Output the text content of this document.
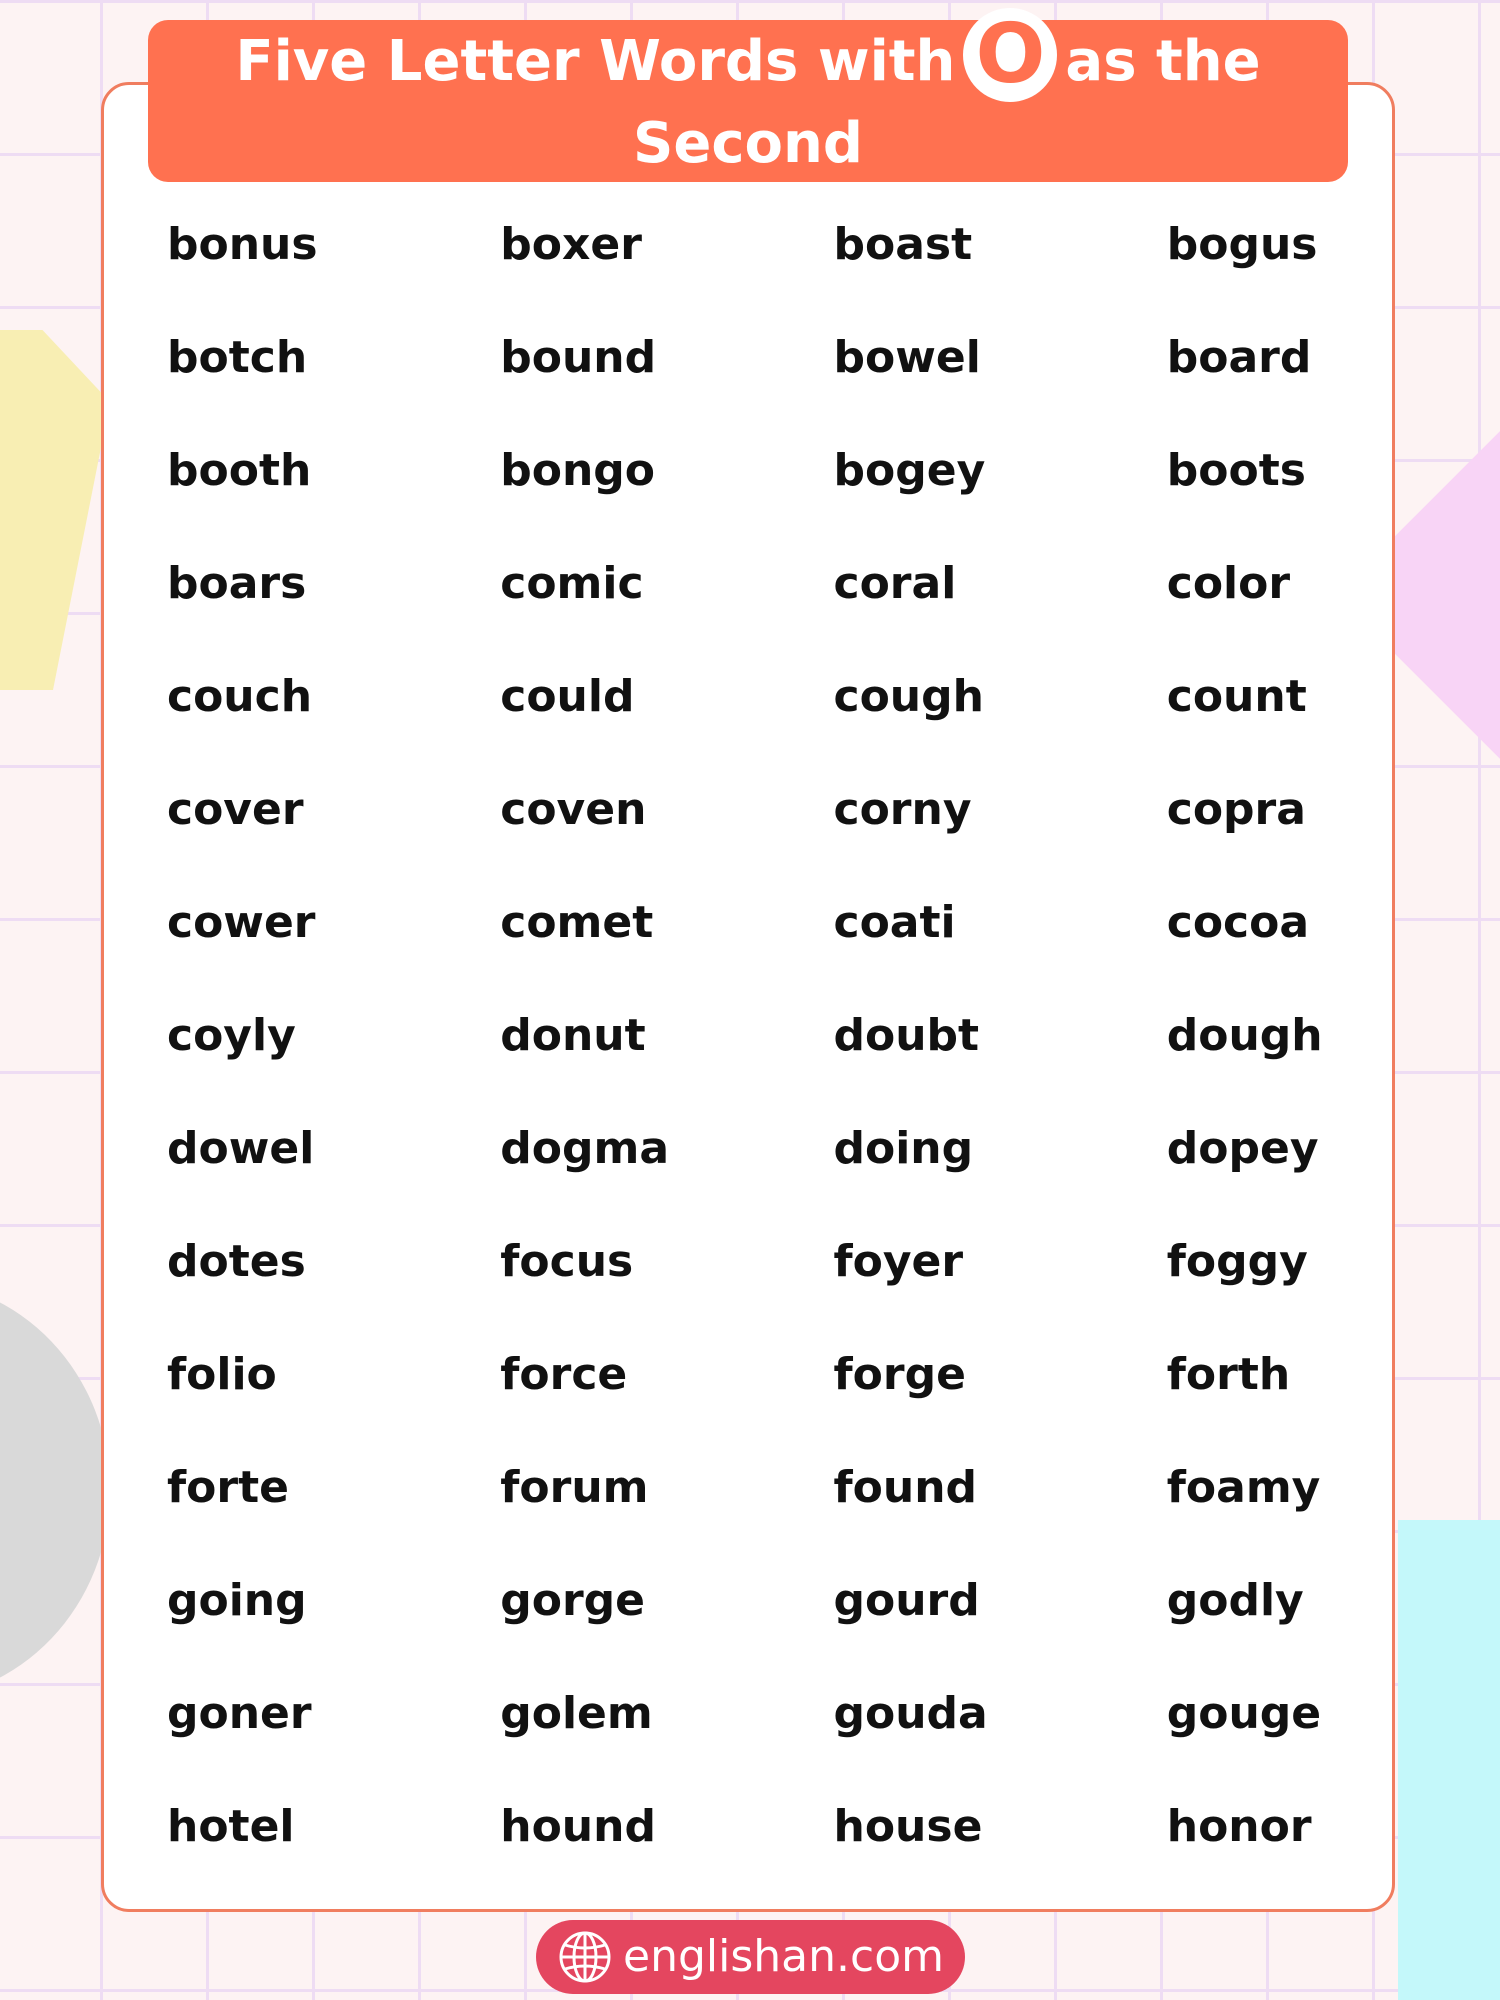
Five Letter Words with O as the Second
Letter
bonus	boxer	boast	bogus
botch	bound	bowel	board
booth	bongo	bogey	boots
boars	comic	coral	color
couch	could	cough	count
cover	coven	corny	copra
cower	comet	coati	cocoa
coyly	donut	doubt	dough
dowel	dogma	doing	dopey
dotes	focus	foyer	foggy
folio	force	forge	forth
forte	forum	found	foamy
going	gorge	gourd	godly
goner	golem	gouda	gouge
hotel	hound	house	honor
englishan.com
